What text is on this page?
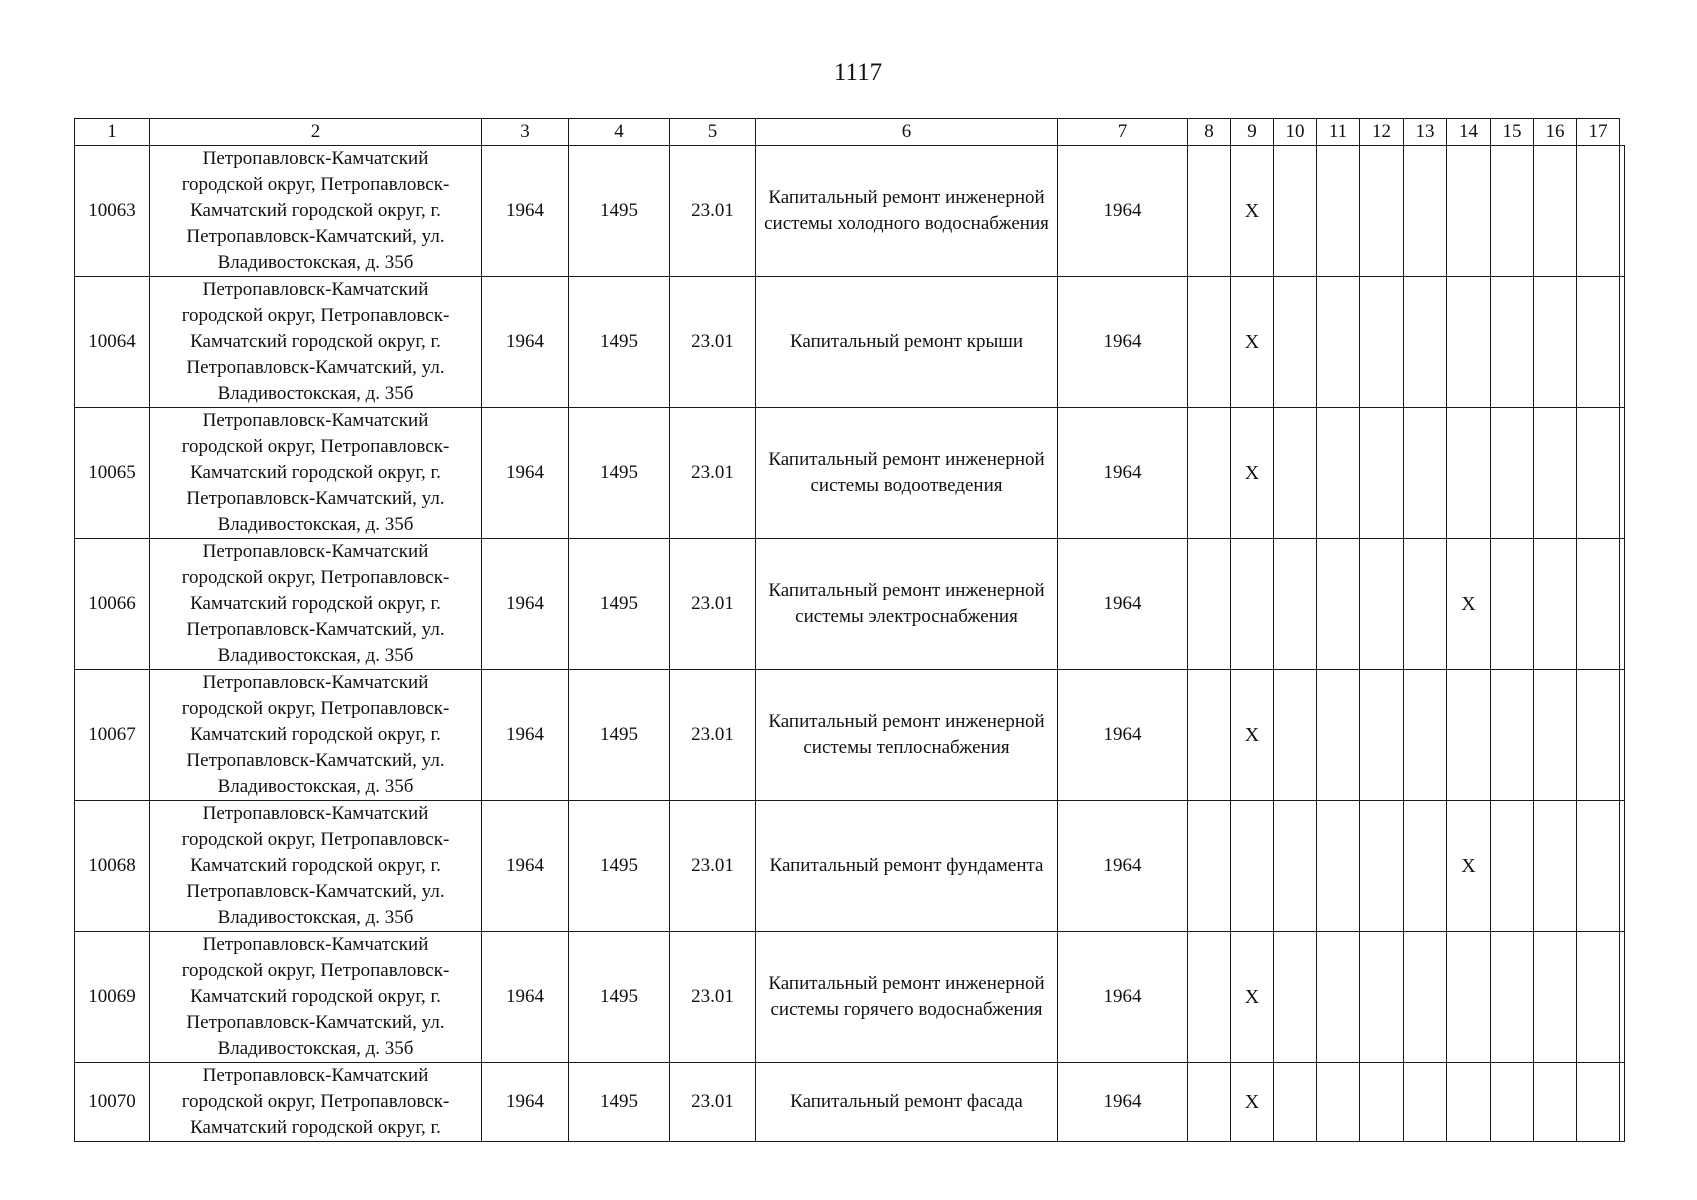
1117
1	2	3	4	5	6	7	8	9	10	11	12	13	14	15	16	17	
10063	Петропавловск-Камчатский
городской округ, Петропавловск-
Камчатский городской округ, г.
Петропавловск-Камчатский, ул.
Владивостокская, д. 35б	1964	1495	23.01	Капитальный ремонт инженерной системы холодного водоснабжения	1964		X									
10064	Петропавловск-Камчатский
городской округ, Петропавловск-
Камчатский городской округ, г.
Петропавловск-Камчатский, ул.
Владивостокская, д. 35б	1964	1495	23.01	Капитальный ремонт крыши	1964		X									
10065	Петропавловск-Камчатский
городской округ, Петропавловск-
Камчатский городской округ, г.
Петропавловск-Камчатский, ул.
Владивостокская, д. 35б	1964	1495	23.01	Капитальный ремонт инженерной системы водоотведения	1964		X									
10066	Петропавловск-Камчатский
городской округ, Петропавловск-
Камчатский городской округ, г.
Петропавловск-Камчатский, ул.
Владивостокская, д. 35б	1964	1495	23.01	Капитальный ремонт инженерной системы электроснабжения	1964							X				
10067	Петропавловск-Камчатский
городской округ, Петропавловск-
Камчатский городской округ, г.
Петропавловск-Камчатский, ул.
Владивостокская, д. 35б	1964	1495	23.01	Капитальный ремонт инженерной системы теплоснабжения	1964		X									
10068	Петропавловск-Камчатский
городской округ, Петропавловск-
Камчатский городской округ, г.
Петропавловск-Камчатский, ул.
Владивостокская, д. 35б	1964	1495	23.01	Капитальный ремонт фундамента	1964							X				
10069	Петропавловск-Камчатский
городской округ, Петропавловск-
Камчатский городской округ, г.
Петропавловск-Камчатский, ул.
Владивостокская, д. 35б	1964	1495	23.01	Капитальный ремонт инженерной системы горячего водоснабжения	1964		X									
10070	Петропавловск-Камчатский
городской округ, Петропавловск-
Камчатский городской округ, г.	1964	1495	23.01	Капитальный ремонт фасада	1964		X									
